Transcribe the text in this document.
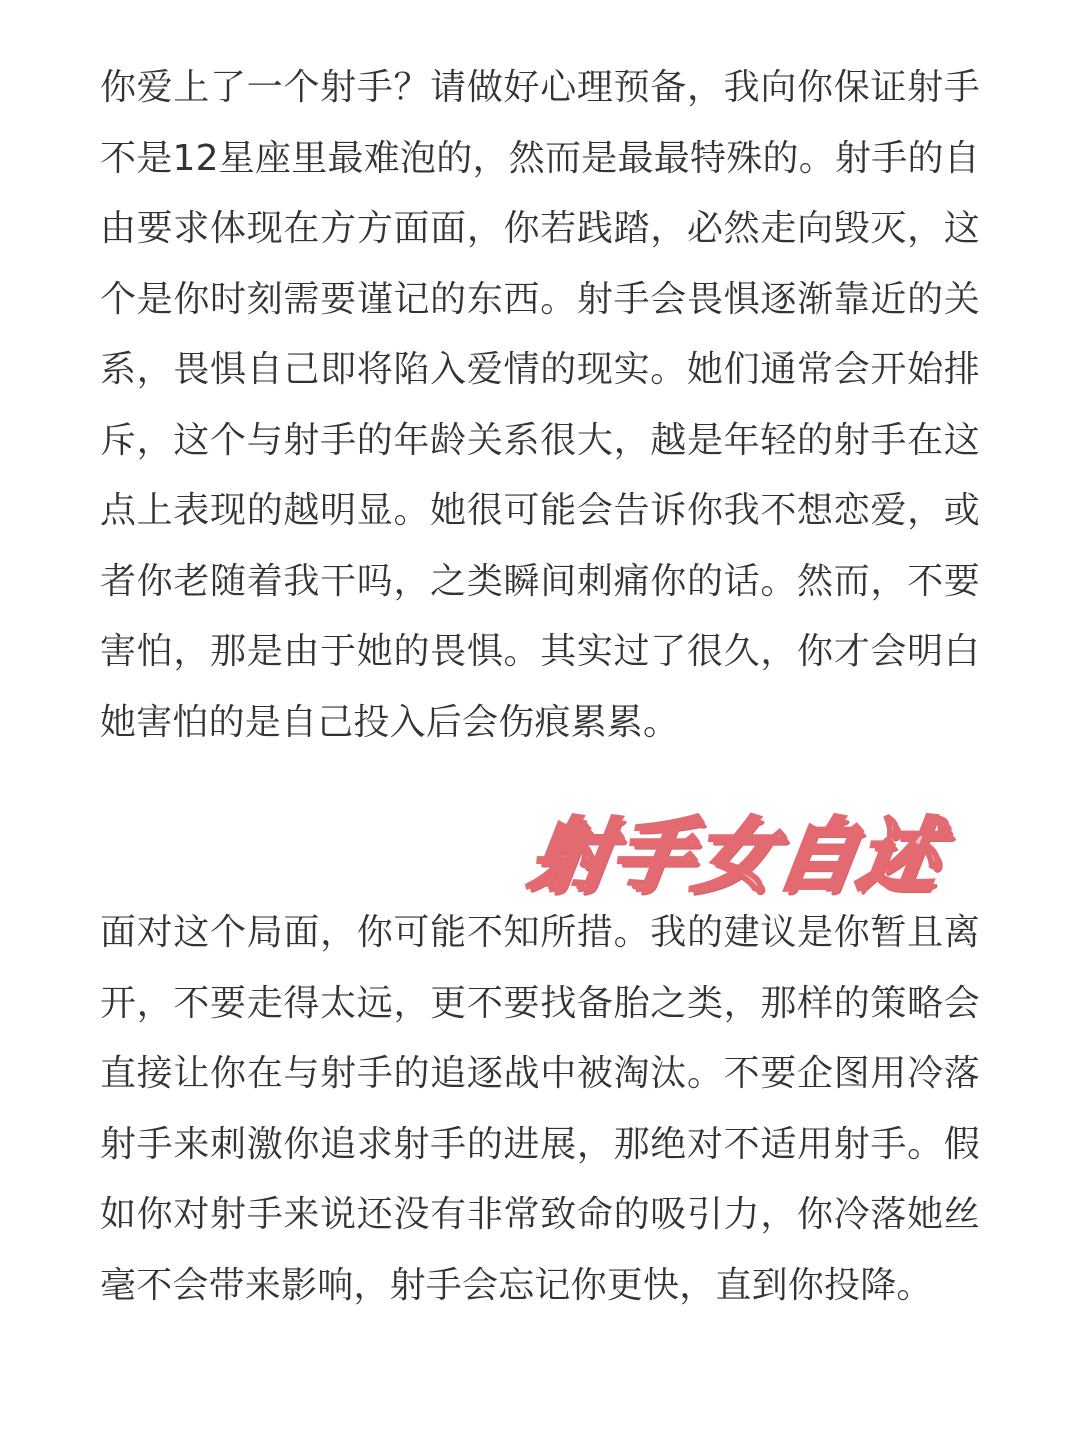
你爱上了一个射手？请做好心理预备，我向你保证射手不是12星座里最难泡的，然而是最最特殊的。射手的自由要求体现在方方面面，你若践踏，必然走向毁灭，这个是你时刻需要谨记的东西。射手会畏惧逐渐靠近的关系，畏惧自己即将陷入爱情的现实。她们通常会开始排斥，这个与射手的年龄关系很大，越是年轻的射手在这点上表现的越明显。她很可能会告诉你我不想恋爱，或者你老随着我干吗，之类瞬间刺痛你的话。然而，不要害怕，那是由于她的畏惧。其实过了很久，你才会明白她害怕的是自己投入后会伤痕累累。

射手女自述

面对这个局面，你可能不知所措。我的建议是你暂且离开，不要走得太远，更不要找备胎之类，那样的策略会直接让你在与射手的追逐战中被淘汰。不要企图用冷落射手来刺激你追求射手的进展，那绝对不适用射手。假如你对射手来说还没有非常致命的吸引力，你冷落她丝毫不会带来影响，射手会忘记你更快，直到你投降。
